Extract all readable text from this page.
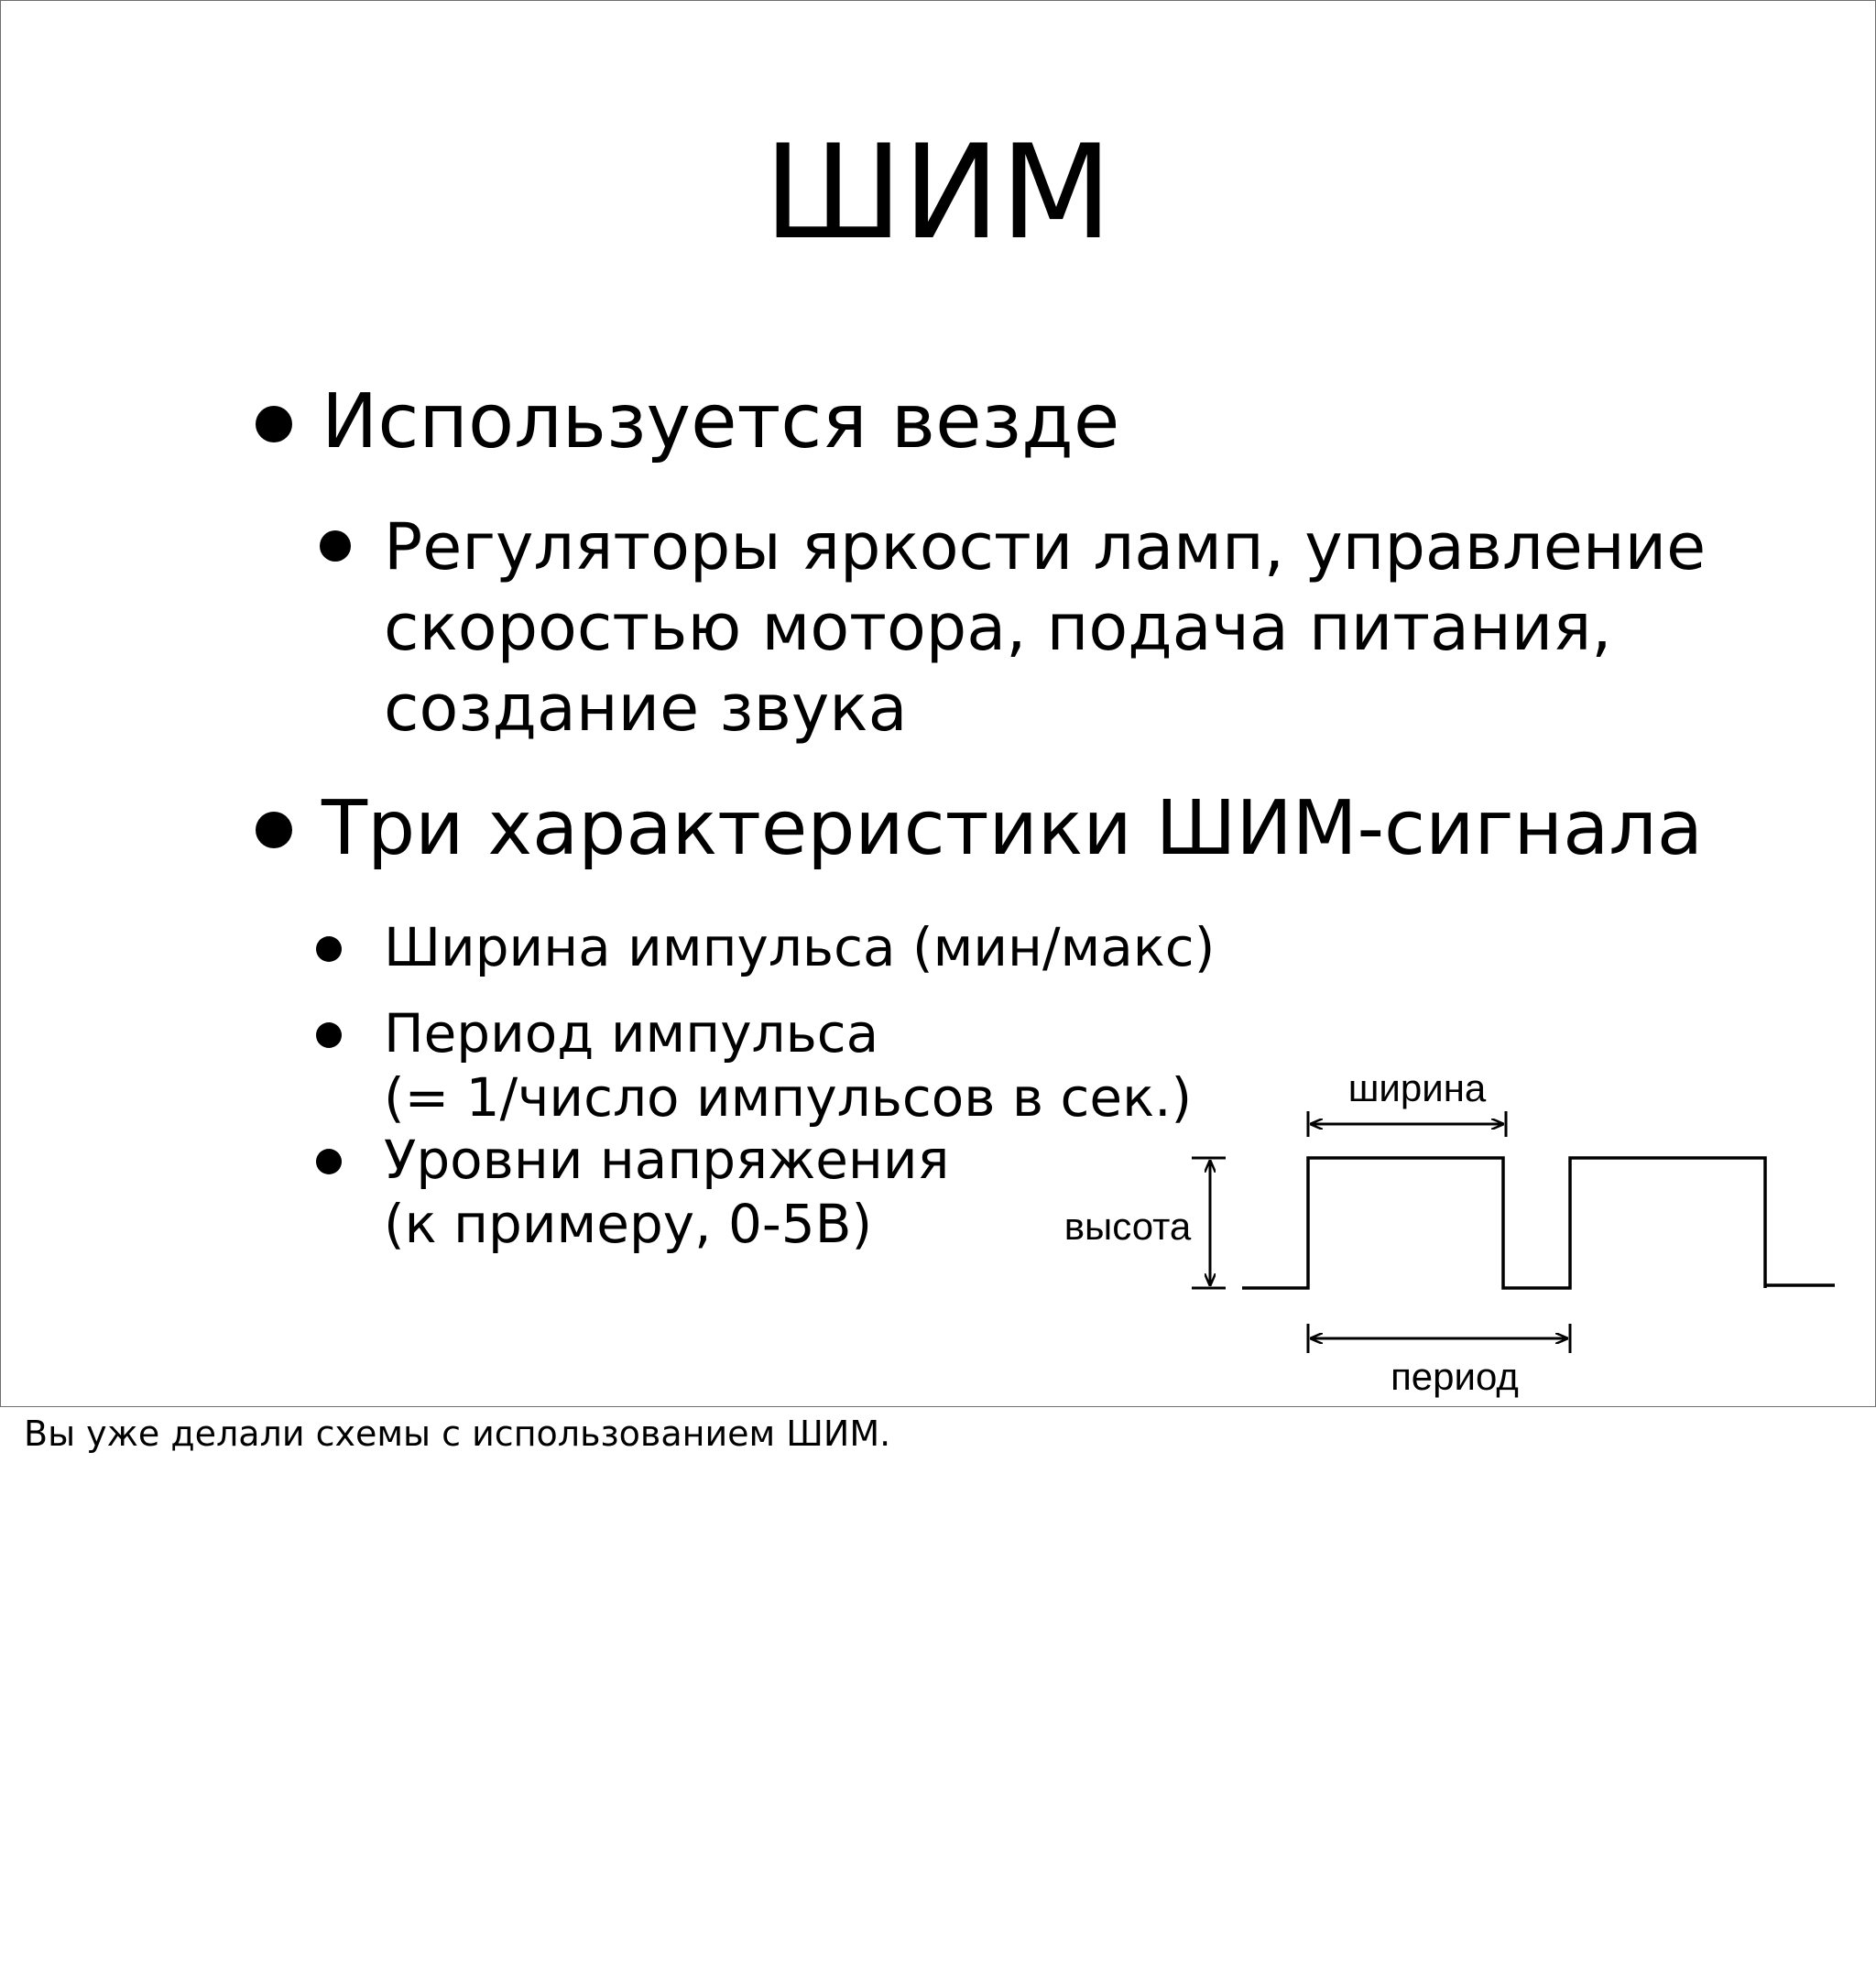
ШИМ
Используется везде
Регуляторы яркости ламп, управление
скоростью мотора, подача питания,
создание звука
Три характеристики ШИМ-сигнала
Ширина импульса (мин/макс)
Период импульса
(= 1/число импульсов в сек.)
Уровни напряжения
(к примеру, 0-5В)
ширина
высота
период
Вы уже делали схемы с использованием ШИМ.
